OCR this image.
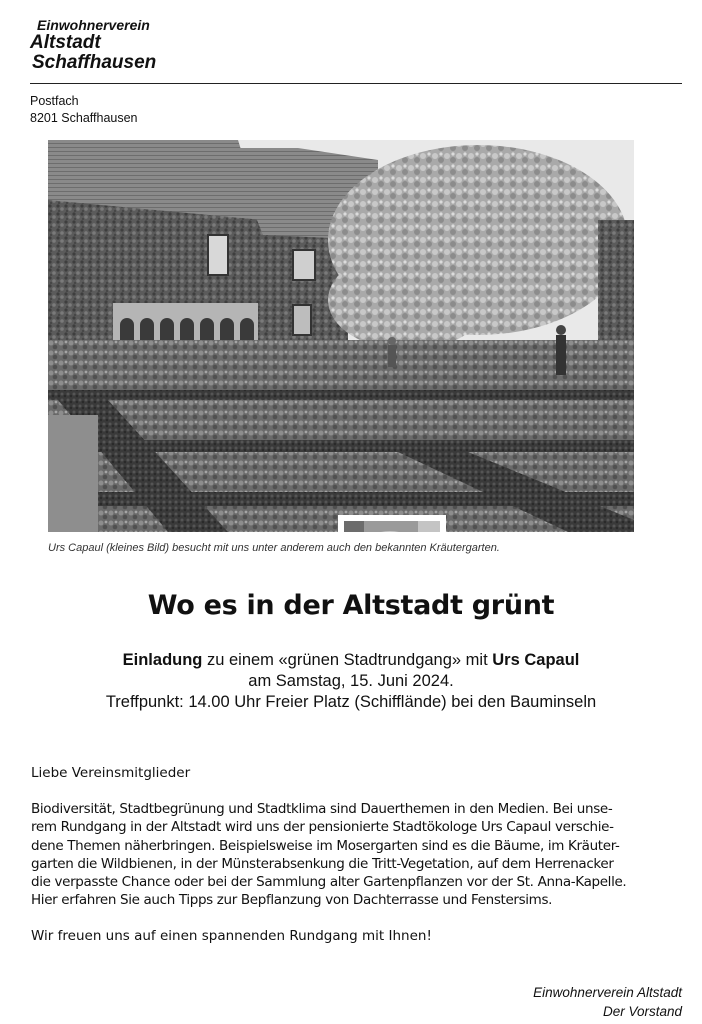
Einwohnerverein
Altstadt
Schaffhausen
Postfach
8201 Schaffhausen
Urs Capaul (kleines Bild) besucht mit uns unter anderem auch den bekannten Kräutergarten.
Wo es in der Altstadt grünt
Einladung zu einem «grünen Stadtrundgang» mit Urs Capaul
am Samstag, 15. Juni 2024.
Treffpunkt: 14.00 Uhr Freier Platz (Schifflände) bei den Bauminseln

Liebe Vereinsmitglieder

Biodiversität, Stadtbegrünung und Stadtklima sind Dauerthemen in den Medien. Bei unse-
rem Rundgang in der Altstadt wird uns der pensionierte Stadtökologe Urs Capaul verschie-
dene Themen näherbringen. Beispielsweise im Mosergarten sind es die Bäume, im Kräuter-
garten die Wildbienen, in der Münsterabsenkung die Tritt-Vegetation, auf dem Herrenacker
die verpasste Chance oder bei der Sammlung alter Gartenpflanzen vor der St. Anna-Kapelle.
Hier erfahren Sie auch Tipps zur Bepflanzung von Dachterrasse und Fenstersims.

Wir freuen uns auf einen spannenden Rundgang mit Ihnen!

Einwohnerverein Altstadt
Der Vorstand
